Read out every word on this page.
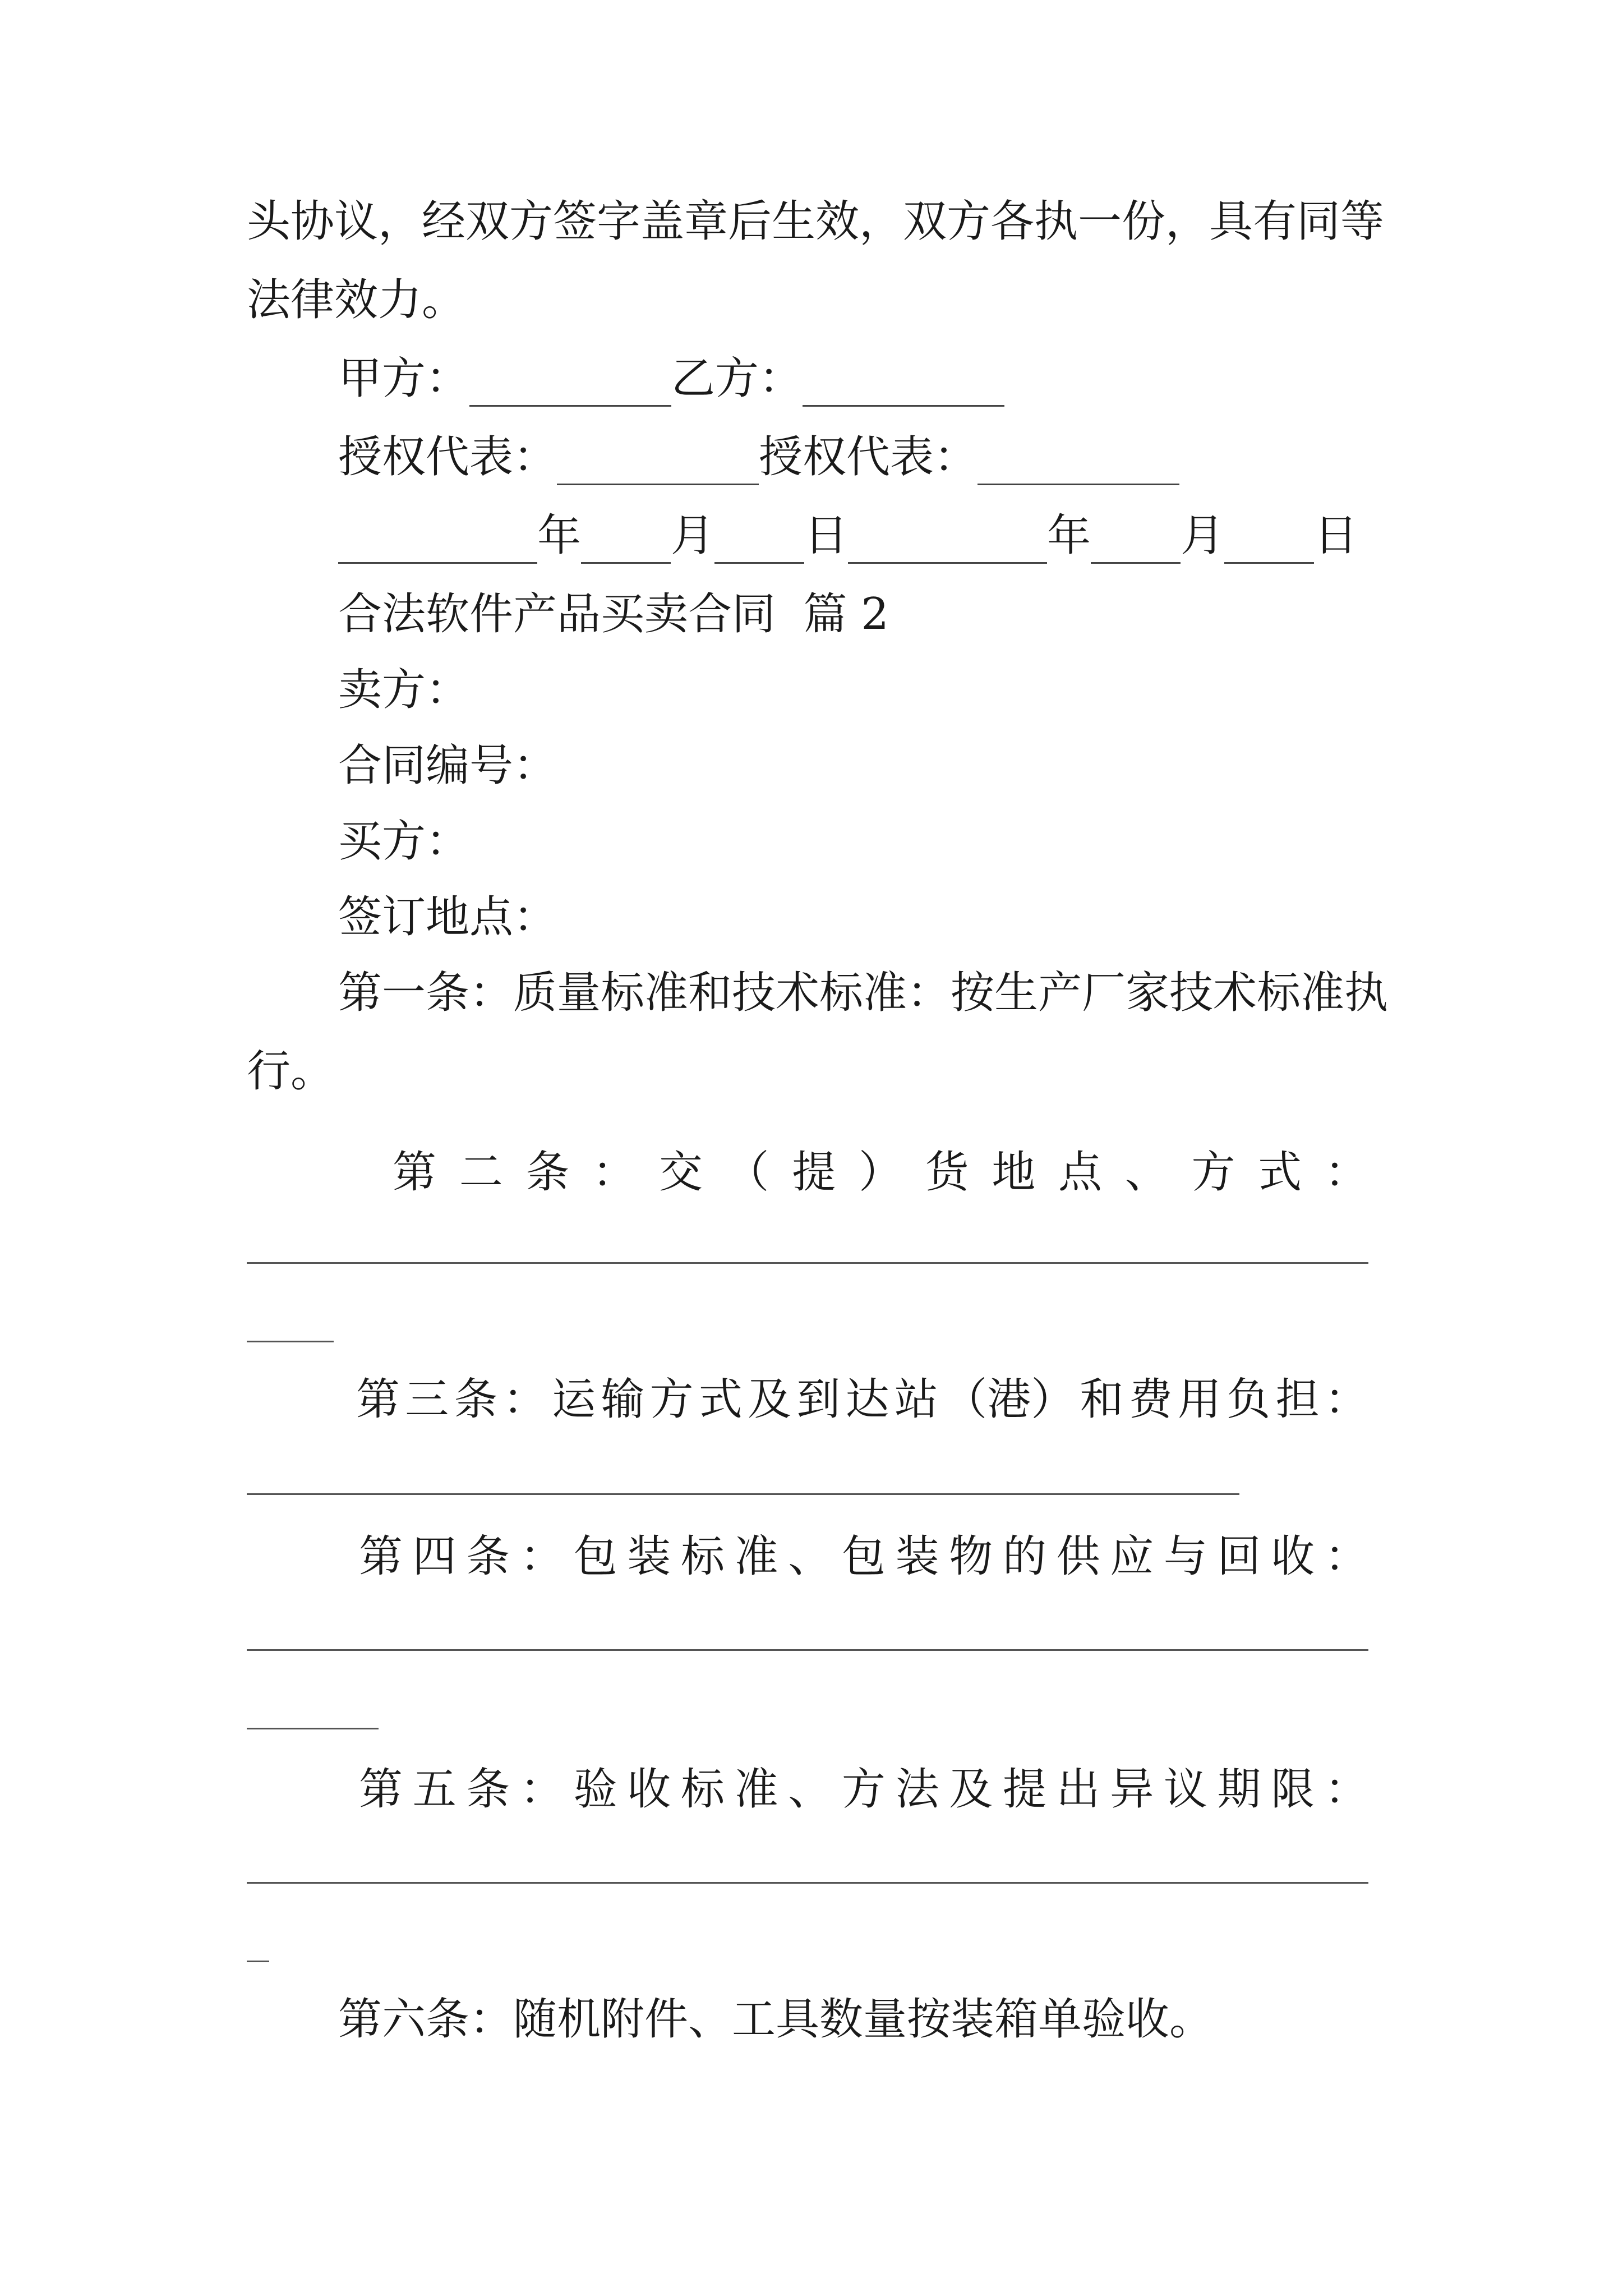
头协议，经双方签字盖章后生效，双方各执一份，具有同等
法律效力。
甲方：	乙方：
授权代表：	授权代表：
年 月 日	年 月 日
合法软件产品买卖合同  篇 2
卖方：
合同编号：
买方：
签订地点：
第一条：质量标准和技术标准：按生产厂家技术标准执
行。
第 二 条 ： 交 （ 提 ） 货 地 点 、 方 式 ：
第 三 条 ： 运 输 方 式 及 到 达 站 （港） 和 费 用 负 担 ：
第 四 条 ： 包 装 标 准 、 包 装 物 的 供 应 与 回 收 ：
第 五 条 ： 验 收 标 准 、 方 法 及 提 出 异 议 期 限 ：
第六条：随机附件、工具数量按装箱单验收。
